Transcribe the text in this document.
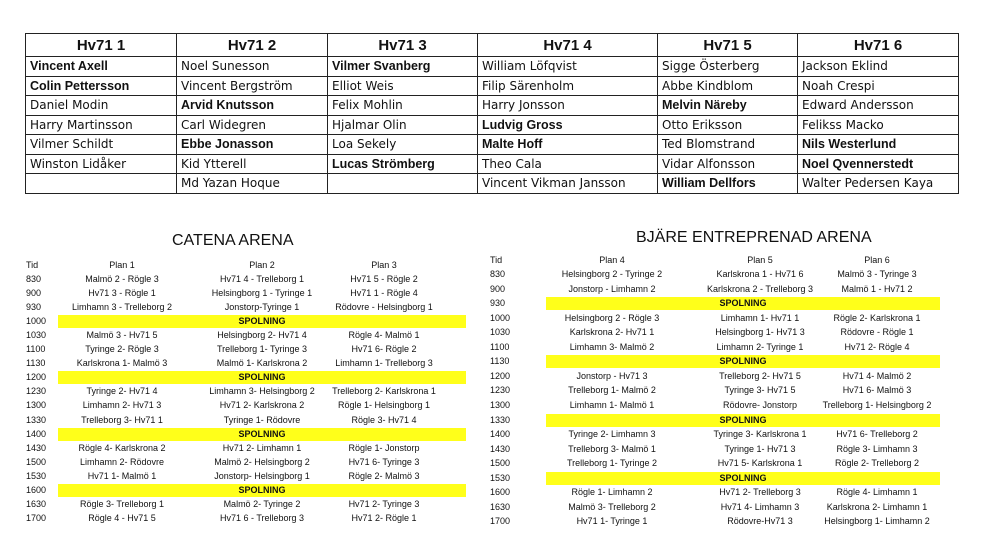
Hv71 1	Hv71 2	Hv71 3	Hv71 4	Hv71 5	Hv71 6
Vincent Axell	Noel Sunesson	Vilmer Svanberg	William Löfqvist	Sigge Österberg	Jackson Eklind
Colin Pettersson	Vincent Bergström	Elliot Weis	Filip Särenholm	Abbe Kindblom	Noah Crespi
Daniel Modin	Arvid Knutsson	Felix Mohlin	Harry Jonsson	Melvin Näreby	Edward Andersson
Harry Martinsson	Carl Widegren	Hjalmar Olin	Ludvig Gross	Otto Eriksson	Felikss Macko
Vilmer Schildt	Ebbe Jonasson	Loa Sekely	Malte Hoff	Ted Blomstrand	Nils Westerlund
Winston Lidåker	Kid Ytterell	Lucas Strömberg	Theo Cala	Vidar Alfonsson	Noel Qvennerstedt
	Md Yazan Hoque		Vincent Vikman Jansson	William Dellfors	Walter Pedersen Kaya
CATENA ARENA
Tid	Plan 1	Plan 2	Plan 3
830	Malmö 2 - Rögle 3	Hv71 4 - Trelleborg 1	Hv71 5 - Rögle 2
900	Hv71 3 - Rögle 1	Helsingborg 1 - Tyringe 1	Hv71 1 - Rögle 4
930	Limhamn 3 - Trelleborg 2	Jonstorp-Tyringe 1	Rödovre - Helsingborg 1
1000	SPOLNING
1030	Malmö 3 - Hv71 5	Helsingborg 2- Hv71 4	Rögle 4- Malmö 1
1100	Tyringe 2- Rögle 3	Trelleborg 1- Tyringe 3	Hv71 6- Rögle 2
1130	Karlskrona 1- Malmö 3	Malmö 1- Karlskrona 2	Limhamn 1- Trelleborg 3
1200	SPOLNING
1230	Tyringe 2- Hv71 4	Limhamn 3- Helsingborg 2	Trelleborg 2- Karlskrona 1
1300	Limhamn 2- Hv71 3	Hv71 2- Karlskrona 2	Rögle 1- Helsingborg 1
1330	Trelleborg 3- Hv71 1	Tyringe 1- Rödovre	Rögle 3- Hv71 4
1400	SPOLNING
1430	Rögle 4- Karlskrona 2	Hv71 2- Limhamn 1	Rögle 1- Jonstorp
1500	Limhamn 2- Rödovre	Malmö 2- Helsingborg 2	Hv71 6- Tyringe 3
1530	Hv71 1- Malmö 1	Jonstorp- Helsingborg 1	Rögle 2- Malmö 3
1600	SPOLNING
1630	Rögle 3- Trelleborg 1	Malmö 2- Tyringe 2	Hv71 2- Tyringe 3
1700	Rögle 4 - Hv71 5	Hv71 6 - Trelleborg 3	Hv71 2- Rögle 1
BJÄRE ENTREPRENAD ARENA
Tid	Plan 4	Plan 5	Plan 6
830	Helsingborg 2 - Tyringe 2	Karlskrona 1 - Hv71 6	Malmö 3 - Tyringe 3
900	Jonstorp - Limhamn 2	Karlskrona 2 - Trelleborg 3	Malmö 1 - Hv71 2
930	SPOLNING
1000	Helsingborg 2 - Rögle 3	Limhamn 1- Hv71 1	Rögle 2- Karlskrona 1
1030	Karlskrona 2- Hv71 1	Helsingborg 1- Hv71 3	Rödovre - Rögle 1
1100	Limhamn 3- Malmö 2	Limhamn 2- Tyringe 1	Hv71 2- Rögle 4
1130	SPOLNING
1200	Jonstorp - Hv71 3	Trelleborg 2- Hv71 5	Hv71 4- Malmö 2
1230	Trelleborg 1- Malmö 2	Tyringe 3- Hv71 5	Hv71 6- Malmö 3
1300	Limhamn 1- Malmö 1	Rödovre- Jonstorp	Trelleborg 1- Helsingborg 2
1330	SPOLNING
1400	Tyringe 2- Limhamn 3	Tyringe 3- Karlskrona 1	Hv71 6- Trelleborg 2
1430	Trelleborg 3- Malmö 1	Tyringe 1- Hv71 3	Rögle 3- Limhamn 3
1500	Trelleborg 1- Tyringe 2	Hv71 5- Karlskrona 1	Rögle 2- Trelleborg 2
1530	SPOLNING
1600	Rögle 1- Limhamn 2	Hv71 2- Trelleborg 3	Rögle 4- Limhamn 1
1630	Malmö 3- Trelleborg 2	Hv71 4- Limhamn 3	Karlskrona 2- Limhamn 1
1700	Hv71 1- Tyringe 1	Rödovre-Hv71 3	Helsingborg 1- Limhamn 2
